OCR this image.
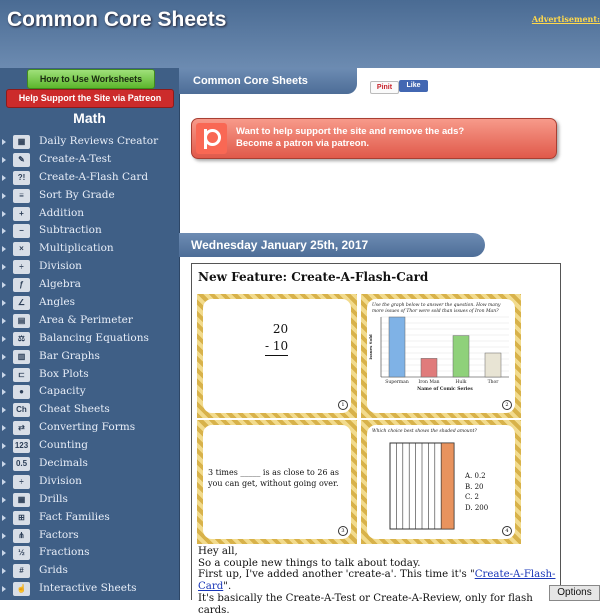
Common Core Sheets	Advertisement:
How to Use Worksheets
Help Support the Site via Patreon
Math
▦	Daily Reviews Creator
✎	Create-A-Test
?!	Create-A-Flash Card
≡	Sort By Grade
+	Addition
−	Subtraction
×	Multiplication
÷	Division
ƒ	Algebra
∠	Angles
▤	Area & Perimeter
⚖	Balancing Equations
▥	Bar Graphs
⊏	Box Plots
●	Capacity
Ch	Cheat Sheets
⇄	Converting Forms
123 Counting
0.5 Decimals
÷	Division
▦	Drills
⊞	Fact Families
⋔	Factors
½	Fractions
#	Grids
☝	Interactive Sheets
Common Core Sheets
Pinit	Like
Want to help support the site and remove the ads?
Become a patron via patreon.
Wednesday January 25th, 2017
New Feature: Create-A-Flash-Card
20
- 10
1
Use the graph below to answer the question. How many more issues of Thor were sold than issues of Iron Man?
Superman Iron Man	Hulk	Thor
Issues Sold
Name of Comic Series
2
3 times _____ is as close to 26 as you can get, without going over.
3
Which choice best shows the shaded amount?
A. 0.2
B. 20
C. 2
D. 200
4
Hey all,
So a couple new things to talk about today.
First up, I've added another 'create-a'. This time it's "Create-A-Flash-Card".
It's basically the Create-A-Test or Create-A-Review, only for flash cards.
Options
